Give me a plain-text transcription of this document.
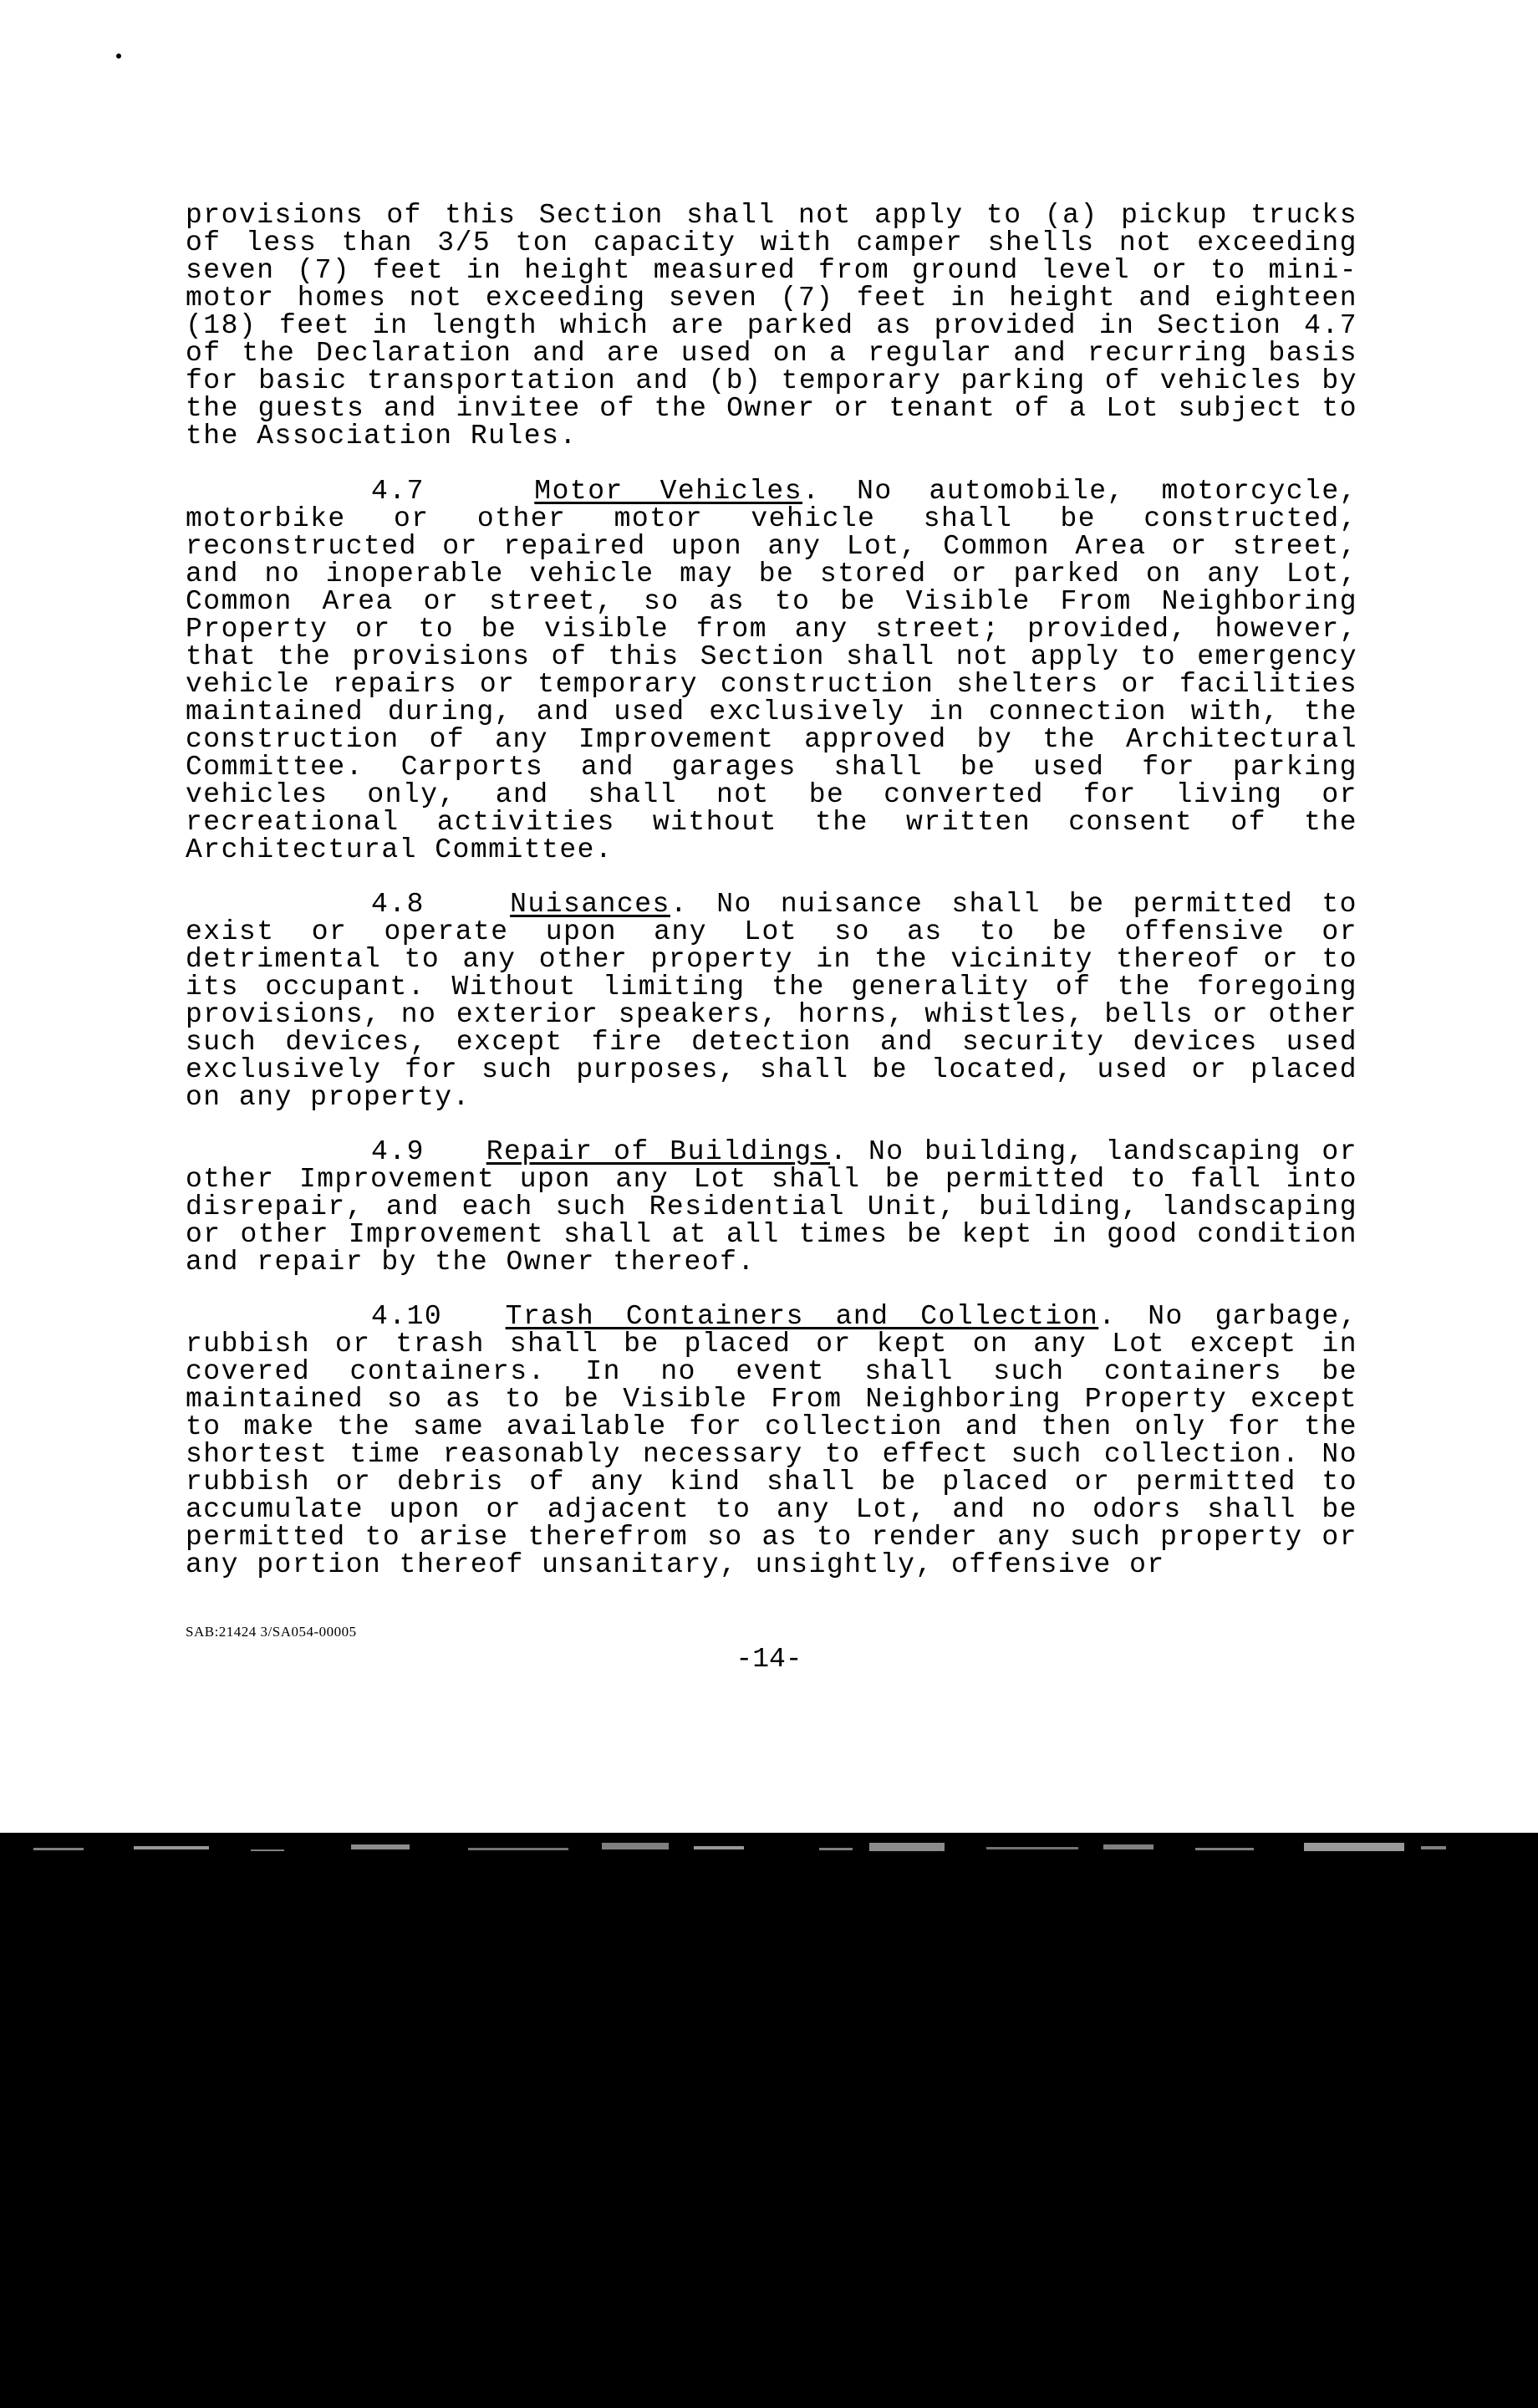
provisions of this Section shall not apply to (a) pickup trucks of less than 3/5 ton capacity with camper shells not exceeding seven (7) feet in height measured from ground level or to mini-motor homes not exceeding seven (7) feet in height and eighteen (18) feet in length which are parked as provided in Section 4.7 of the Declaration and are used on a regular and recurring basis for basic transportation and (b) temporary parking of vehicles by the guests and invitee of the Owner or tenant of a Lot subject to the Association Rules.

4.7	Motor Vehicles. No automobile, motorcycle, motorbike or other motor vehicle shall be constructed, reconstructed or repaired upon any Lot, Common Area or street, and no inoperable vehicle may be stored or parked on any Lot, Common Area or street, so as to be Visible From Neighboring Property or to be visible from any street; provided, however, that the provisions of this Section shall not apply to emergency vehicle repairs or temporary construction shelters or facilities maintained during, and used exclusively in connection with, the construction of any Improvement approved by the Architectural Committee. Carports and garages shall be used for parking vehicles only, and shall not be converted for living or recreational activities without the written consent of the Architectural Committee.

4.8	Nuisances. No nuisance shall be permitted to exist or operate upon any Lot so as to be offensive or detrimental to any other property in the vicinity thereof or to its occupant. Without limiting the generality of the foregoing provisions, no exterior speakers, horns, whistles, bells or other such devices, except fire detection and security devices used exclusively for such purposes, shall be located, used or placed on any property.

4.9 Repair of Buildings. No building, landscaping or other Improvement upon any Lot shall be permitted to fall into disrepair, and each such Residential Unit, building, landscaping or other Improvement shall at all times be kept in good condition and repair by the Owner thereof.

4.10 Trash Containers and Collection. No garbage, rubbish or trash shall be placed or kept on any Lot except in covered containers. In no event shall such containers be maintained so as to be Visible From Neighboring Property except to make the same available for collection and then only for the shortest time reasonably necessary to effect such collection. No rubbish or debris of any kind shall be placed or permitted to accumulate upon or adjacent to any Lot, and no odors shall be permitted to arise therefrom so as to render any such property or any portion thereof unsanitary, unsightly, offensive or

SAB:21424 3/SA054-00005
-14-
